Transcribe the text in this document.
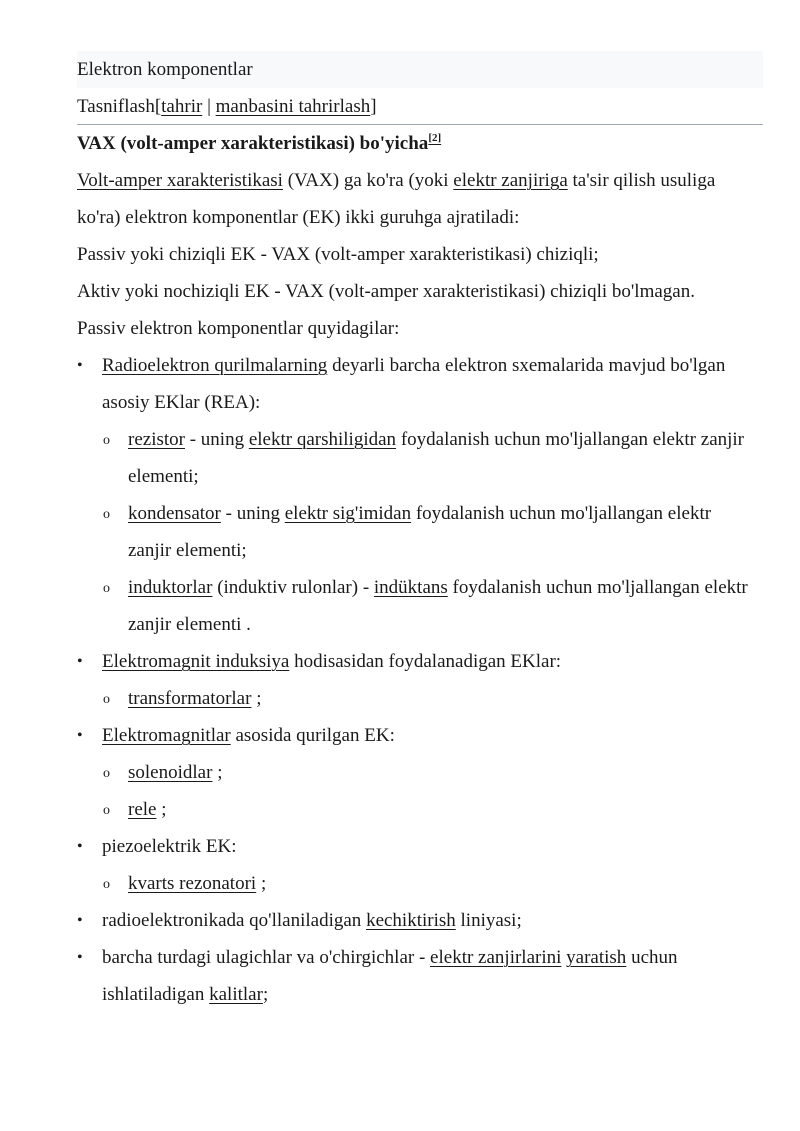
Elektron komponentlar
Tasniflash[tahrir | manbasini tahrirlash]

VAX (volt-amper xarakteristikasi) bo'yicha[2]

Volt-amper xarakteristikasi (VAX) ga ko'ra (yoki elektr zanjiriga ta'sir qilish usuliga ko'ra) elektron komponentlar (EK) ikki guruhga ajratiladi:

Passiv yoki chiziqli EK - VAX (volt-amper xarakteristikasi) chiziqli;

Aktiv yoki nochiziqli EK - VAX (volt-amper xarakteristikasi) chiziqli bo'lmagan.

Passiv elektron komponentlar quyidagilar:

• Radioelektron qurilmalarning deyarli barcha elektron sxemalarida mavjud bo'lgan asosiy EKlar (REA):
o rezistor - uning elektr qarshiligidan foydalanish uchun mo'ljallangan elektr zanjir elementi;
o kondensator - uning elektr sig'imidan foydalanish uchun mo'ljallangan elektr zanjir elementi;
o induktorlar (induktiv rulonlar) - indüktans foydalanish uchun mo'ljallangan elektr zanjir elementi .
• Elektromagnit induksiya hodisasidan foydalanadigan EKlar:
o transformatorlar ;
• Elektromagnitlar asosida qurilgan EK:
o solenoidlar ;
o rele ;
• piezoelektrik EK:
o kvarts rezonatori ;
• radioelektronikada qo'llaniladigan kechiktirish liniyasi;
• barcha turdagi ulagichlar va o'chirgichlar - elektr zanjirlarini yaratish uchun ishlatiladigan kalitlar;
